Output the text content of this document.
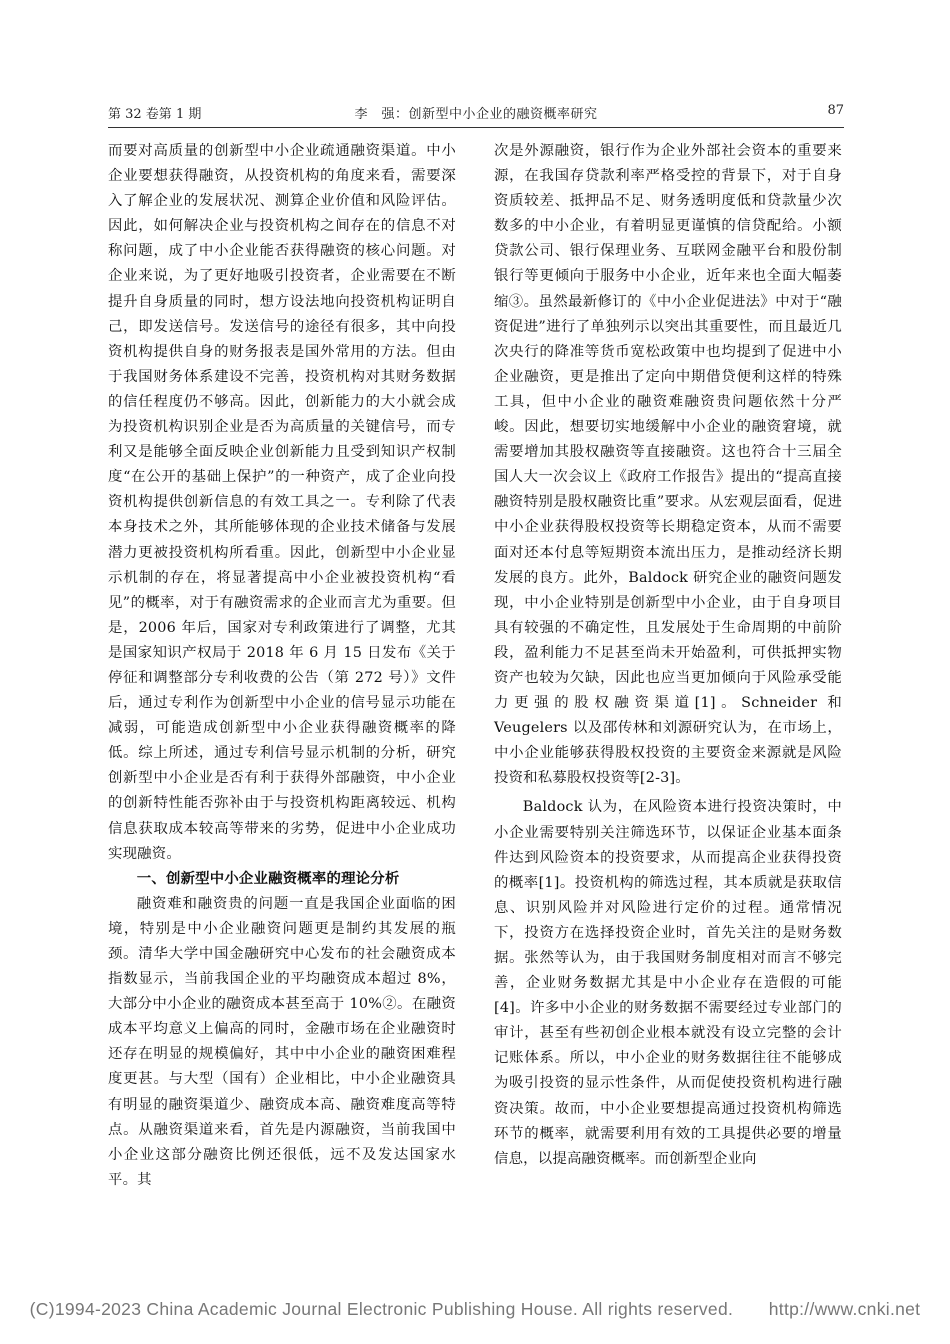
第 32 卷第 1 期	李　强：创新型中小企业的融资概率研究	87

而要对高质量的创新型中小企业疏通融资渠道。中小企业要想获得融资，从投资机构的角度来看，需要深入了解企业的发展状况、测算企业价值和风险评估。因此，如何解决企业与投资机构之间存在的信息不对称问题，成了中小企业能否获得融资的核心问题。对企业来说，为了更好地吸引投资者，企业需要在不断提升自身质量的同时，想方设法地向投资机构证明自己，即发送信号。发送信号的途径有很多，其中向投资机构提供自身的财务报表是国外常用的方法。但由于我国财务体系建设不完善，投资机构对其财务数据的信任程度仍不够高。因此，创新能力的大小就会成为投资机构识别企业是否为高质量的关键信号，而专利又是能够全面反映企业创新能力且受到知识产权制度“在公开的基础上保护”的一种资产，成了企业向投资机构提供创新信息的有效工具之一。专利除了代表本身技术之外，其所能够体现的企业技术储备与发展潜力更被投资机构所看重。因此，创新型中小企业显示机制的存在，将显著提高中小企业被投资机构“看见”的概率，对于有融资需求的企业而言尤为重要。但是，2006 年后，国家对专利政策进行了调整，尤其是国家知识产权局于 2018 年 6 月 15 日发布《关于停征和调整部分专利收费的公告（第 272 号）》文件后，通过专利作为创新型中小企业的信号显示功能在减弱，可能造成创新型中小企业获得融资概率的降低。综上所述，通过专利信号显示机制的分析，研究创新型中小企业是否有利于获得外部融资，中小企业的创新特性能否弥补由于与投资机构距离较远、机构信息获取成本较高等带来的劣势，促进中小企业成功实现融资。

一、创新型中小企业融资概率的理论分析

融资难和融资贵的问题一直是我国企业面临的困境，特别是中小企业融资问题更是制约其发展的瓶颈。清华大学中国金融研究中心发布的社会融资成本指数显示，当前我国企业的平均融资成本超过 8%，大部分中小企业的融资成本甚至高于 10%②。在融资成本平均意义上偏高的同时，金融市场在企业融资时还存在明显的规模偏好，其中中小企业的融资困难程度更甚。与大型（国有）企业相比，中小企业融资具有明显的融资渠道少、融资成本高、融资难度高等特点。从融资渠道来看，首先是内源融资，当前我国中小企业这部分融资比例还很低，远不及发达国家水平。其

次是外源融资，银行作为企业外部社会资本的重要来源，在我国存贷款利率严格受控的背景下，对于自身资质较差、抵押品不足、财务透明度低和贷款量少次数多的中小企业，有着明显更谨慎的信贷配给。小额贷款公司、银行保理业务、互联网金融平台和股份制银行等更倾向于服务中小企业，近年来也全面大幅萎缩③。虽然最新修订的《中小企业促进法》中对于“融资促进”进行了单独列示以突出其重要性，而且最近几次央行的降准等货币宽松政策中也均提到了促进中小企业融资，更是推出了定向中期借贷便利这样的特殊工具，但中小企业的融资难融资贵问题依然十分严峻。因此，想要切实地缓解中小企业的融资窘境，就需要增加其股权融资等直接融资。这也符合十三届全国人大一次会议上《政府工作报告》提出的“提高直接融资特别是股权融资比重”要求。从宏观层面看，促进中小企业获得股权投资等长期稳定资本，从而不需要面对还本付息等短期资本流出压力，是推动经济长期发展的良方。此外，Baldock 研究企业的融资问题发现，中小企业特别是创新型中小企业，由于自身项目具有较强的不确定性，且发展处于生命周期的中前阶段，盈利能力不足甚至尚未开始盈利，可供抵押实物资产也较为欠缺，因此也应当更加倾向于风险承受能力更强的股权融资渠道[1]。Schneider 和 Veugelers 以及邵传林和刘源研究认为，在市场上，中小企业能够获得股权投资的主要资金来源就是风险投资和私募股权投资等[2-3]。

Baldock 认为，在风险资本进行投资决策时，中小企业需要特别关注筛选环节，以保证企业基本面条件达到风险资本的投资要求，从而提高企业获得投资的概率[1]。投资机构的筛选过程，其本质就是获取信息、识别风险并对风险进行定价的过程。通常情况下，投资方在选择投资企业时，首先关注的是财务数据。张然等认为，由于我国财务制度相对而言不够完善，企业财务数据尤其是中小企业存在造假的可能[4]。许多中小企业的财务数据不需要经过专业部门的审计，甚至有些初创企业根本就没有设立完整的会计记账体系。所以，中小企业的财务数据往往不能够成为吸引投资的显示性条件，从而促使投资机构进行融资决策。故而，中小企业要想提高通过投资机构筛选环节的概率，就需要利用有效的工具提供必要的增量信息，以提高融资概率。而创新型企业向

(C)1994-2023 China Academic Journal Electronic Publishing House. All rights reserved.　　http://www.cnki.net
